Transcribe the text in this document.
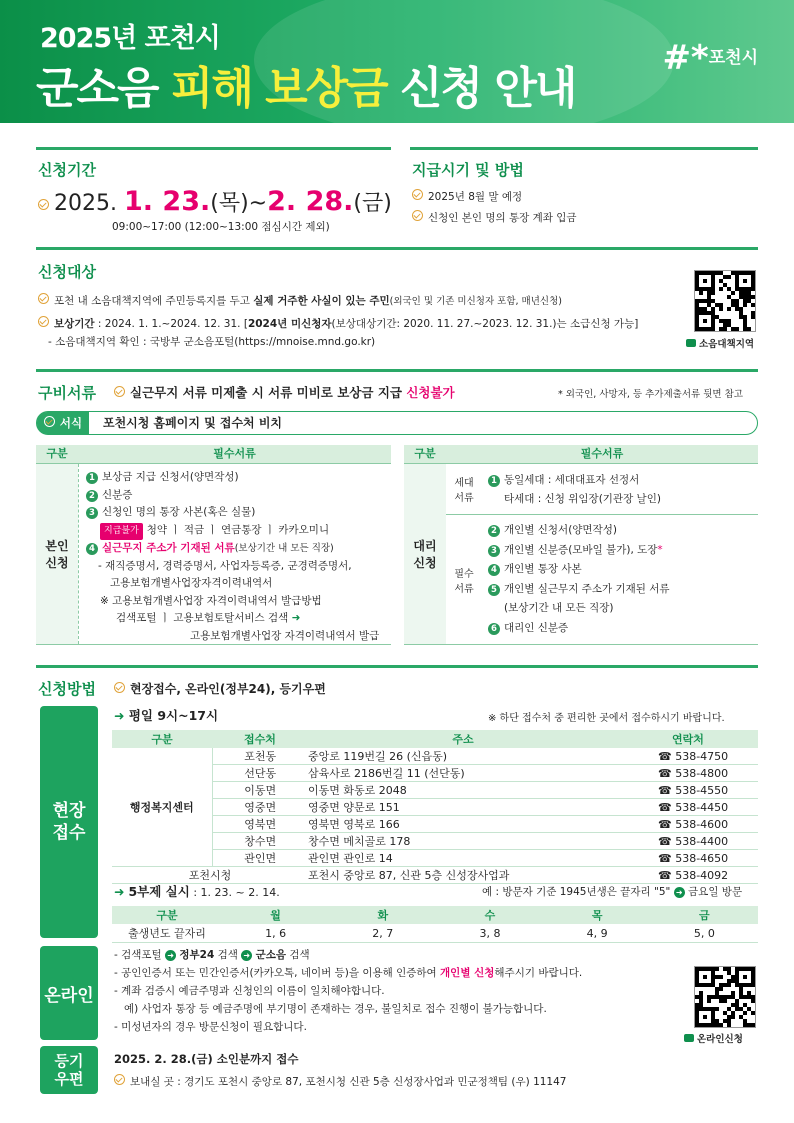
2025년 포천시
군소음 피해 보상금 신청 안내
#*포천시
신청기간
2025. 1. 23.(목)~2. 28.(금)
09:00~17:00 (12:00~13:00 점심시간 제외)
지급시기 및 방법
2025년 8월 말 예정
신청인 본인 명의 통장 계좌 입금
신청대상
포천 내 소음대책지역에 주민등록지를 두고 실제 거주한 사실이 있는 주민(외국인 및 기존 미신청자 포함, 매년신청)
보상기간 : 2024. 1. 1.~2024. 12. 31. [2024년 미신청자(보상대상기간: 2020. 11. 27.~2023. 12. 31.)는 소급신청 가능]
- 소음대책지역 확인 : 국방부 군소음포털(https://mnoise.mnd.go.kr)	소음대책지역
구비서류	실근무지 서류 미제출 시 서류 미비로 보상금 지급 신청불가	* 외국인, 사망자, 등 추가제출서류 뒷면 참고
서식	포천시청 홈페이지 및 접수처 비치
구분	필수서류
본인
신청
1 보상금 지급 신청서(양면작성)
2 신분증
3 신청인 명의 통장 사본(혹은 실물)
지급불가 청약 ㅣ 적금 ㅣ 연금통장 ㅣ 카카오미니
4 실근무지 주소가 기재된 서류(보상기간 내 모든 직장)
- 재직증명서, 경력증명서, 사업자등록증, 군경력증명서,
고용보험개별사업장자격이력내역서
※ 고용보험개별사업장 자격이력내역서 발급방법
검색포털 ㅣ 고용보험토탈서비스 검색 ➜
고용보험개별사업장 자격이력내역서 발급
구분	필수서류
대리
신청
세대
서류
1 동일세대 : 세대대표자 선정서
타세대 : 신청 위임장(기관장 날인)
필수
서류
2 개인별 신청서(양면작성)
3 개인별 신분증(모바일 불가), 도장*
4 개인별 통장 사본
5 개인별 실근무지 주소가 기재된 서류
(보상기간 내 모든 직장)
6 대리인 신분증
신청방법	현장접수, 온라인(정부24), 등기우편
현장
접수
➜ 평일 9시~17시	※ 하단 접수처 중 편리한 곳에서 접수하시기 바랍니다.
구분	접수처	주소	연락처
행정복지센터	포천동	중앙로 119번길 26 (신읍동)	☎ 538-4750
	선단동	삼육사로 2186번길 11 (선단동)	☎ 538-4800
	이동면	이동면 화동로 2048	☎ 538-4550
	영중면	영중면 양문로 151	☎ 538-4450
	영북면	영북면 영북로 166	☎ 538-4600
	창수면	창수면 메치골로 178	☎ 538-4400
	관인면	관인면 관인로 14	☎ 538-4650
포천시청		포천시 중앙로 87, 신관 5층 신성장사업과	☎ 538-4092
➜ 5부제 실시 : 1. 23. ~ 2. 14.	예 : 방문자 기준 1945년생은 끝자리 "5" ➜ 금요일 방문
구분	월	화	수	목	금
출생년도 끝자리	1, 6	2, 7	3, 8	4, 9	5, 0
온라인
- 검색포털 ➜ 정부24 검색 ➜ 군소음 검색
- 공인인증서 또는 민간인증서(카카오톡, 네이버 등)을 이용해 인증하여 개인별 신청해주시기 바랍니다.
- 계좌 검증시 예금주명과 신청인의 이름이 일치해야합니다.
예) 사업자 통장 등 예금주명에 부기명이 존재하는 경우, 불일치로 접수 진행이 불가능합니다.
- 미성년자의 경우 방문신청이 필요합니다.
온라인신청
등기
우편
2025. 2. 28.(금) 소인분까지 접수
보내실 곳 : 경기도 포천시 중앙로 87, 포천시청 신관 5층 신성장사업과 민군정책팀 (우) 11147
